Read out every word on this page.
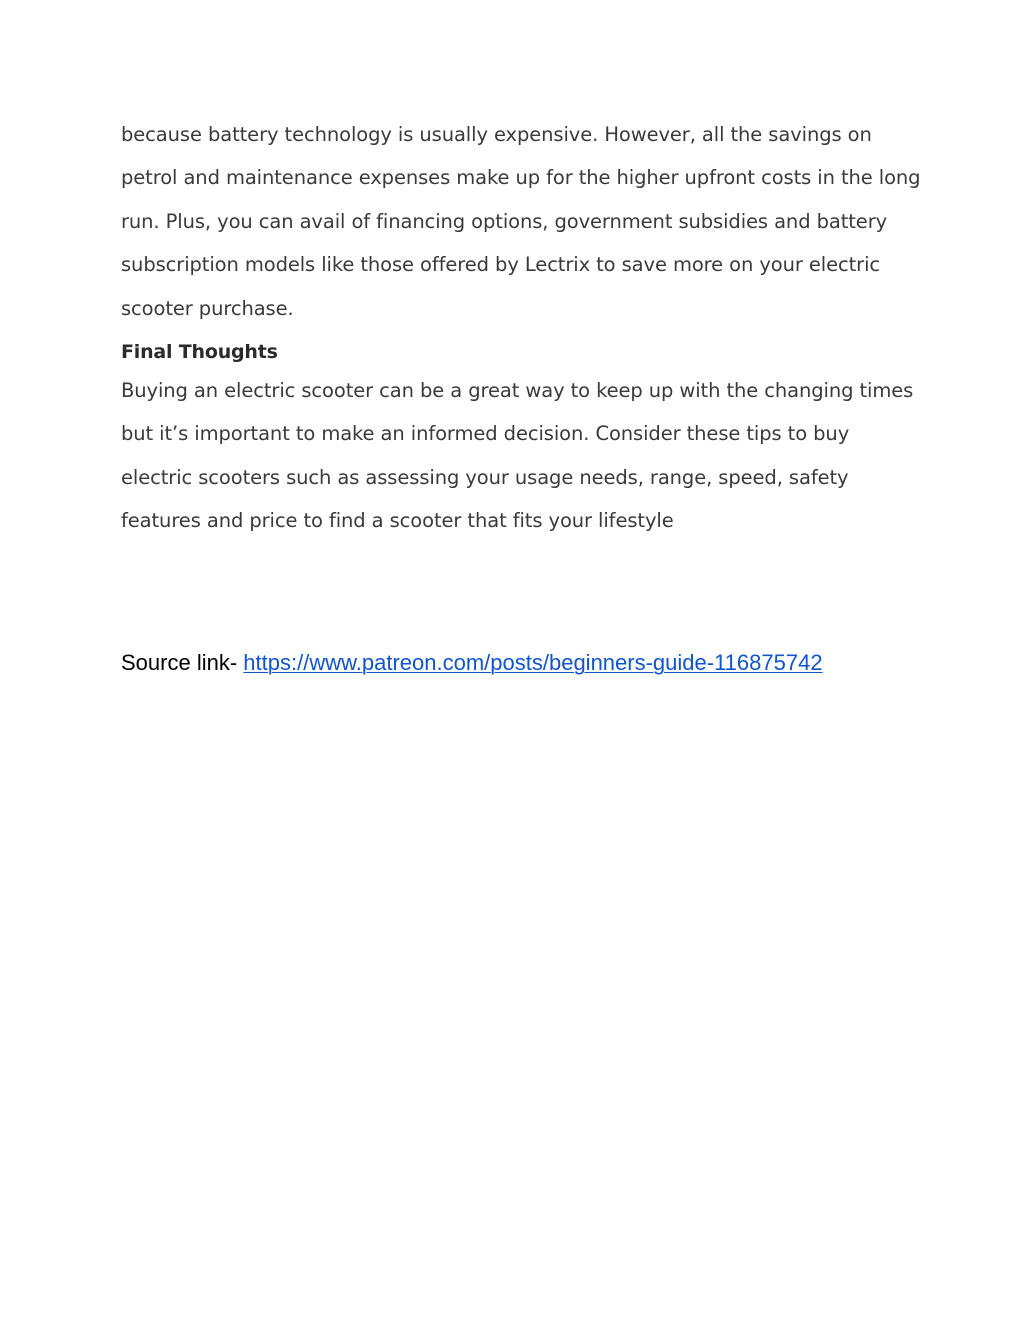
because battery technology is usually expensive. However, all the savings on petrol and maintenance expenses make up for the higher upfront costs in the long run. Plus, you can avail of financing options, government subsidies and battery subscription models like those offered by Lectrix to save more on your electric scooter purchase.

Final Thoughts

Buying an electric scooter can be a great way to keep up with the changing times but it’s important to make an informed decision. Consider these tips to buy electric scooters such as assessing your usage needs, range, speed, safety features and price to find a scooter that fits your lifestyle

Source link- https://www.patreon.com/posts/beginners-guide-116875742
